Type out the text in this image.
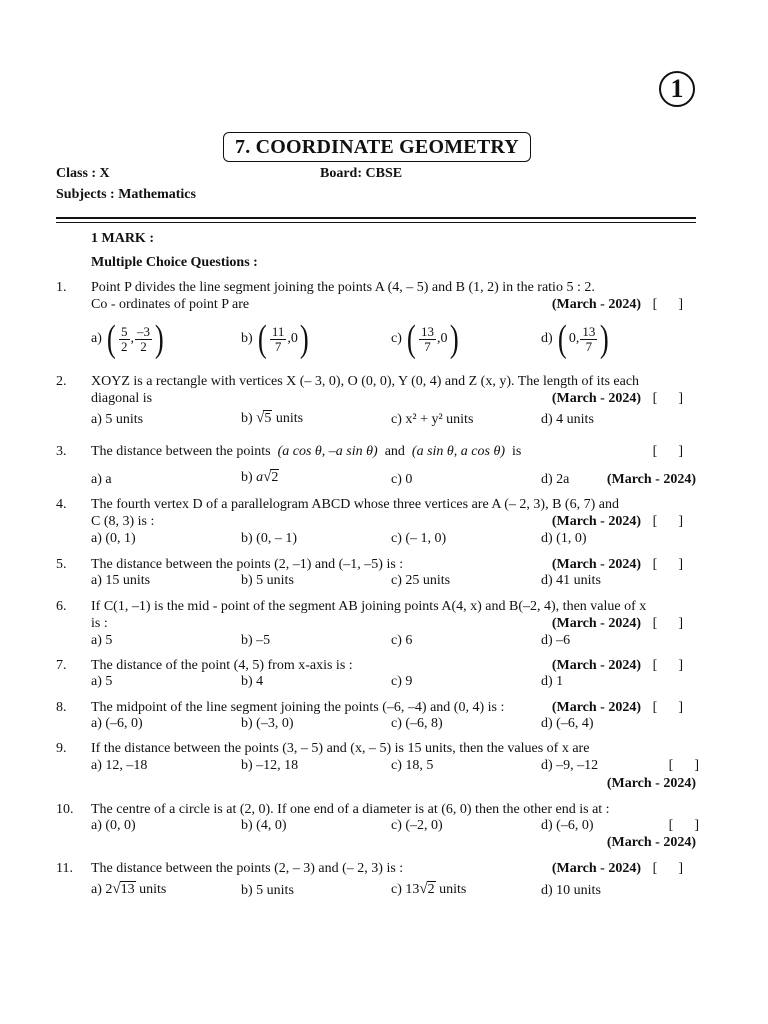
1
7. COORDINATE GEOMETRY
Class : X	Board: CBSE
Subjects : Mathematics
1 MARK :
Multiple Choice Questions :
1. Point P divides the line segment joining the points A (4, – 5) and B (1, 2) in the ratio 5 : 2.
Co - ordinates of point P are	(March - 2024) [      ]
a) ( $\frac{5}{2}$ , $\frac{-3}{2}$ )	b) ( $\frac{11}{7}$ , 0 )	c) ( $\frac{13}{7}$ , 0 )	d) ( 0 , $\frac{13}{7}$ )
2. XOYZ is a rectangle with vertices X (– 3, 0), O (0, 0), Y (0, 4) and Z (x, y). The length of its each
diagonal is	(March - 2024) [      ]
a) 5 units	b) √ 5 units	c) x² + y² units	d) 4 units
3. The distance between the points (a cos θ, –a sin θ) and (a sin θ, a cos θ) is	[      ]
a) a	b) a √ 2	c) 0	d) 2a	(March - 2024)
4. The fourth vertex D of a parallelogram ABCD whose three vertices are A (– 2, 3), B (6, 7) and
C (8, 3) is :	(March - 2024) [      ]
a) (0, 1)	b) (0, – 1)	c) (– 1, 0)	d) (1, 0)
5. The distance between the points (2, –1) and (–1, –5) is :	(March - 2024) [      ]
a) 15 units	b) 5 units	c) 25 units	d) 41 units
6. If C(1, –1) is the mid - point of the segment AB joining points A(4, x) and B(–2, 4), then value of x
is :	(March - 2024) [      ]
a) 5	b) –5	c) 6	d) –6
7. The distance of the point (4, 5) from x-axis is :	(March - 2024) [      ]
a) 5	b) 4	c) 9	d) 1
8. The midpoint of the line segment joining the points (–6, –4) and (0, 4) is :	(March - 2024) [      ]
a) (–6, 0)	b) (–3, 0)	c) (–6, 8)	d) (–6, 4)
9. If the distance between the points (3, – 5) and (x, – 5) is 15 units, then the values of x are
a) 12, –18	b) –12, 18	c) 18, 5	d) –9, –12	[      ]
(March - 2024)
10. The centre of a circle is at (2, 0). If one end of a diameter is at (6, 0) then the other end is at :
a) (0, 0)	b) (4, 0)	c) (–2, 0)	d) (–6, 0)	[      ]
(March - 2024)
11. The distance between the points (2, – 3) and (– 2, 3) is :	(March - 2024) [      ]
a) 2 √ 13 units	b) 5 units	c) 13 √ 2 units	d) 10 units
